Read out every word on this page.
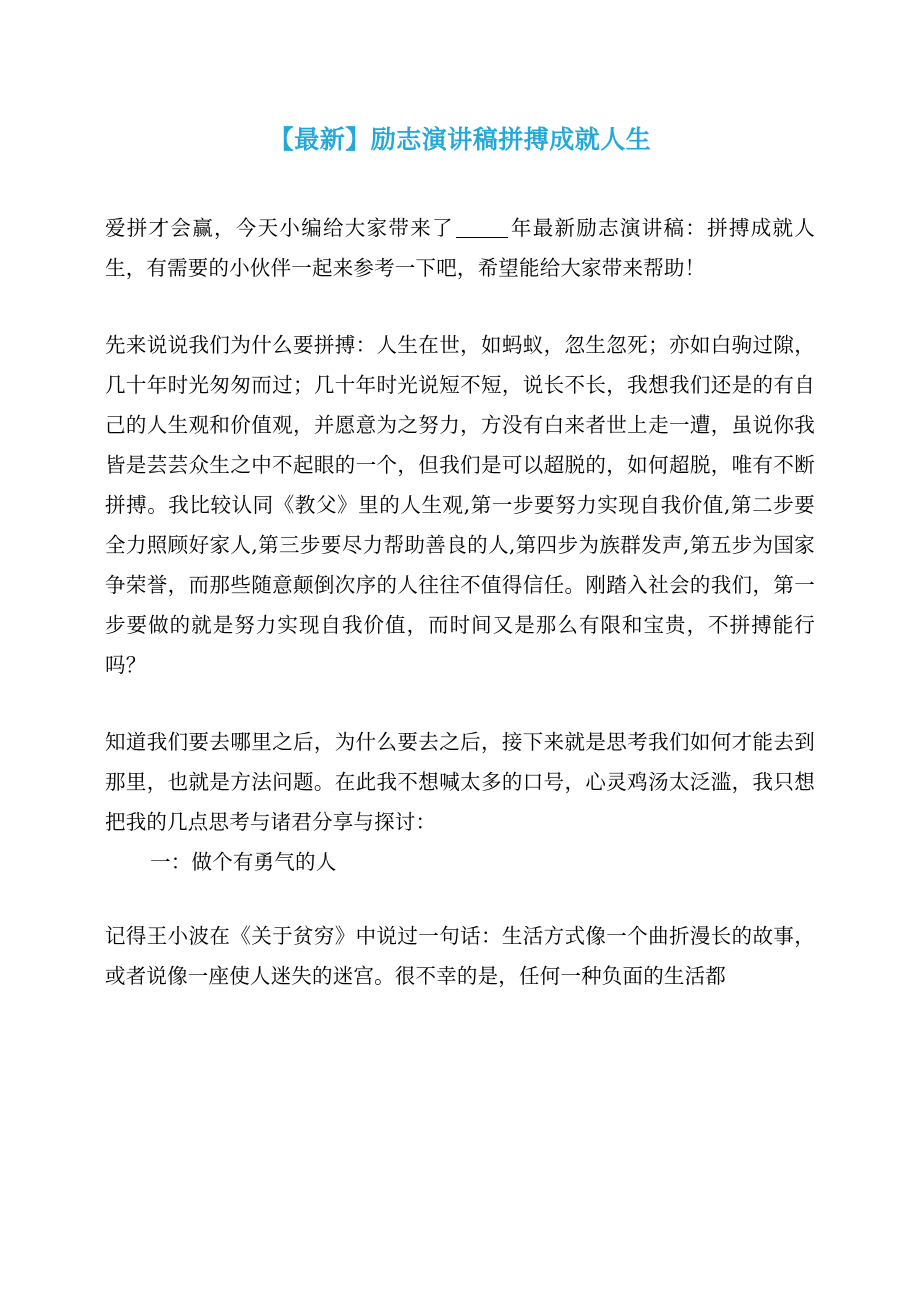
【最新】励志演讲稿拼搏成就人生

爱拼才会赢，今天小编给大家带来了	年最新励志演讲稿：拼搏成就人生，有需要的小伙伴一起来参考一下吧，希望能给大家带来帮助！

先来说说我们为什么要拼搏：人生在世，如蚂蚁，忽生忽死；亦如白驹过隙，几十年时光匆匆而过；几十年时光说短不短，说长不长，我想我们还是的有自己的人生观和价值观，并愿意为之努力，方没有白来者世上走一遭，虽说你我皆是芸芸众生之中不起眼的一个，但我们是可以超脱的，如何超脱，唯有不断拼搏。我比较认同《教父》里的人生观,第一步要努力实现自我价值,第二步要全力照顾好家人,第三步要尽力帮助善良的人,第四步为族群发声,第五步为国家争荣誉，而那些随意颠倒次序的人往往不值得信任。刚踏入社会的我们，第一步要做的就是努力实现自我价值，而时间又是那么有限和宝贵，不拼搏能行吗？

知道我们要去哪里之后，为什么要去之后，接下来就是思考我们如何才能去到那里，也就是方法问题。在此我不想喊太多的口号，心灵鸡汤太泛滥，我只想把我的几点思考与诸君分享与探讨：

一：做个有勇气的人

记得王小波在《关于贫穷》中说过一句话：生活方式像一个曲折漫长的故事，或者说像一座使人迷失的迷宫。很不幸的是，任何一种负面的生活都
